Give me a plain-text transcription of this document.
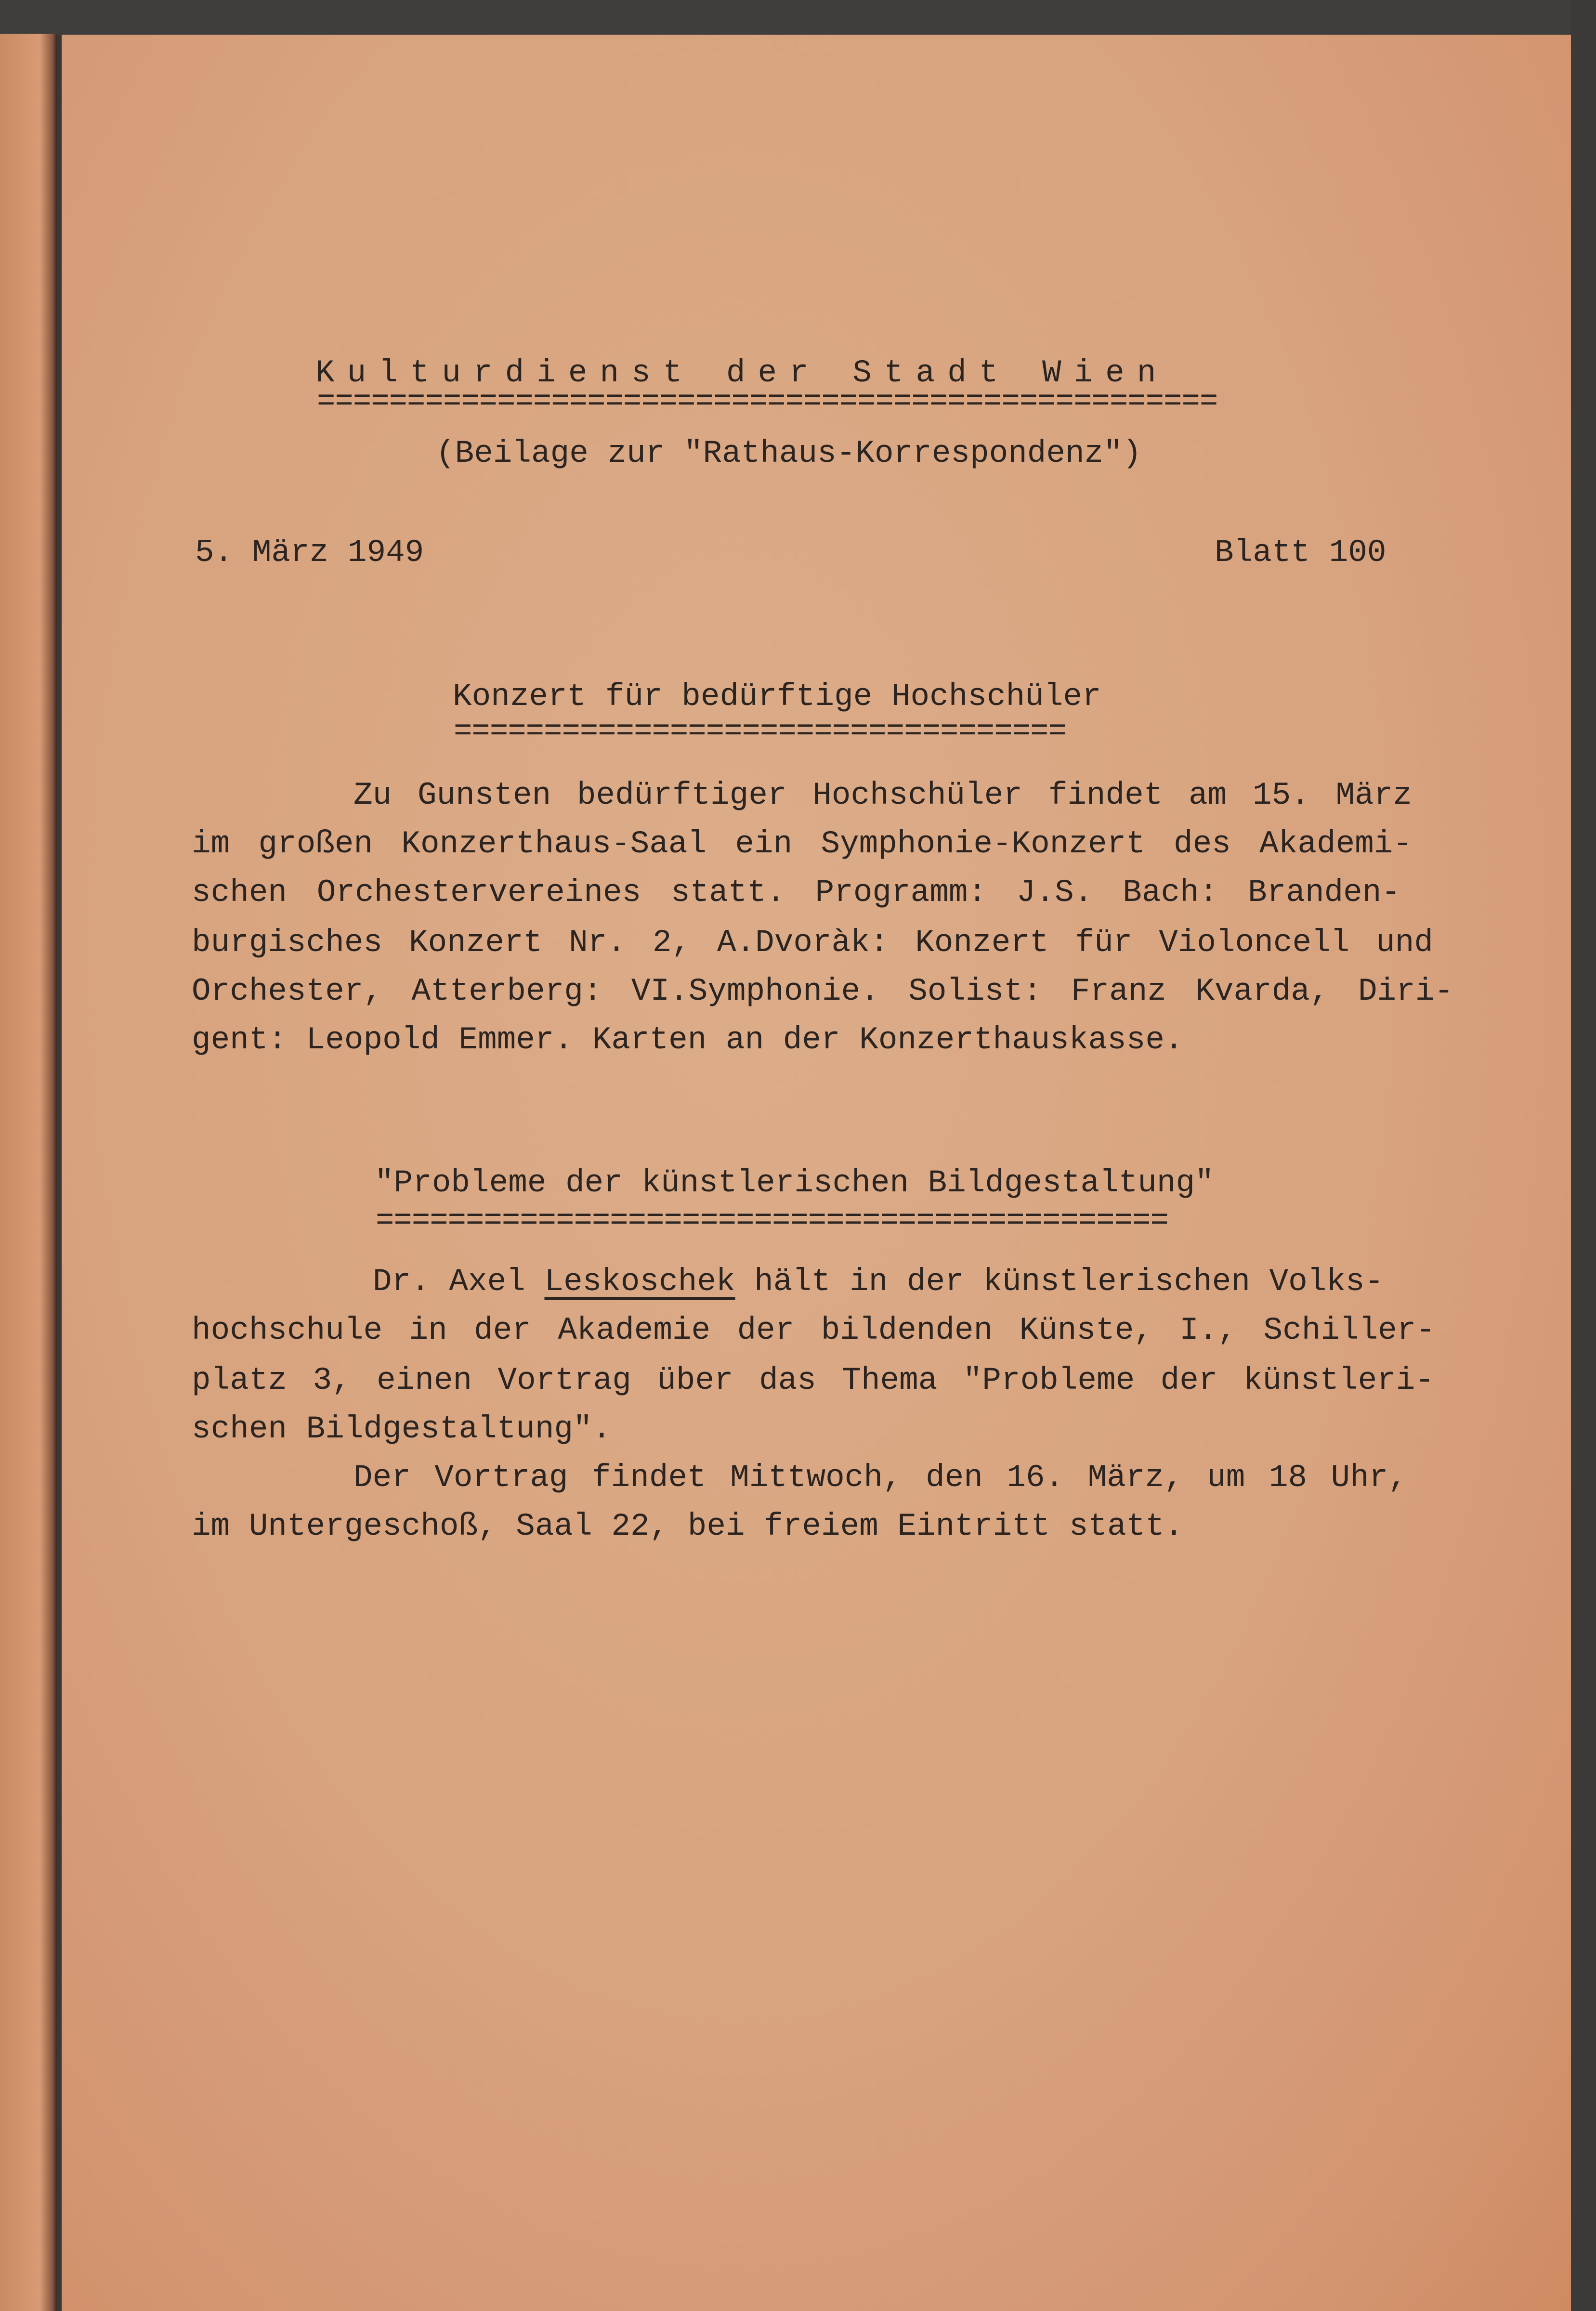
Kulturdienst der Stadt Wien
==================================================
(Beilage zur "Rathaus-Korrespondenz")
5. März 1949	Blatt 100
Konzert für bedürftige Hochschüler
==================================
Zu Gunsten bedürftiger Hochschüler findet am 15. März
im großen Konzerthaus-Saal ein Symphonie-Konzert des Akademi-
schen Orchestervereines statt. Programm: J.S. Bach: Branden-
burgisches Konzert Nr. 2, A.Dvoràk: Konzert für Violoncell und
Orchester, Atterberg: VI.Symphonie. Solist: Franz Kvarda, Diri-
gent: Leopold Emmer. Karten an der Konzerthauskasse.
"Probleme der künstlerischen Bildgestaltung"
============================================
Dr. Axel Leskoschek hält in der künstlerischen Volks-
hochschule in der Akademie der bildenden Künste, I., Schiller-
platz 3, einen Vortrag über das Thema "Probleme der künstleri-
schen Bildgestaltung".
Der Vortrag findet Mittwoch, den 16. März, um 18 Uhr,
im Untergeschoß, Saal 22, bei freiem Eintritt statt.
